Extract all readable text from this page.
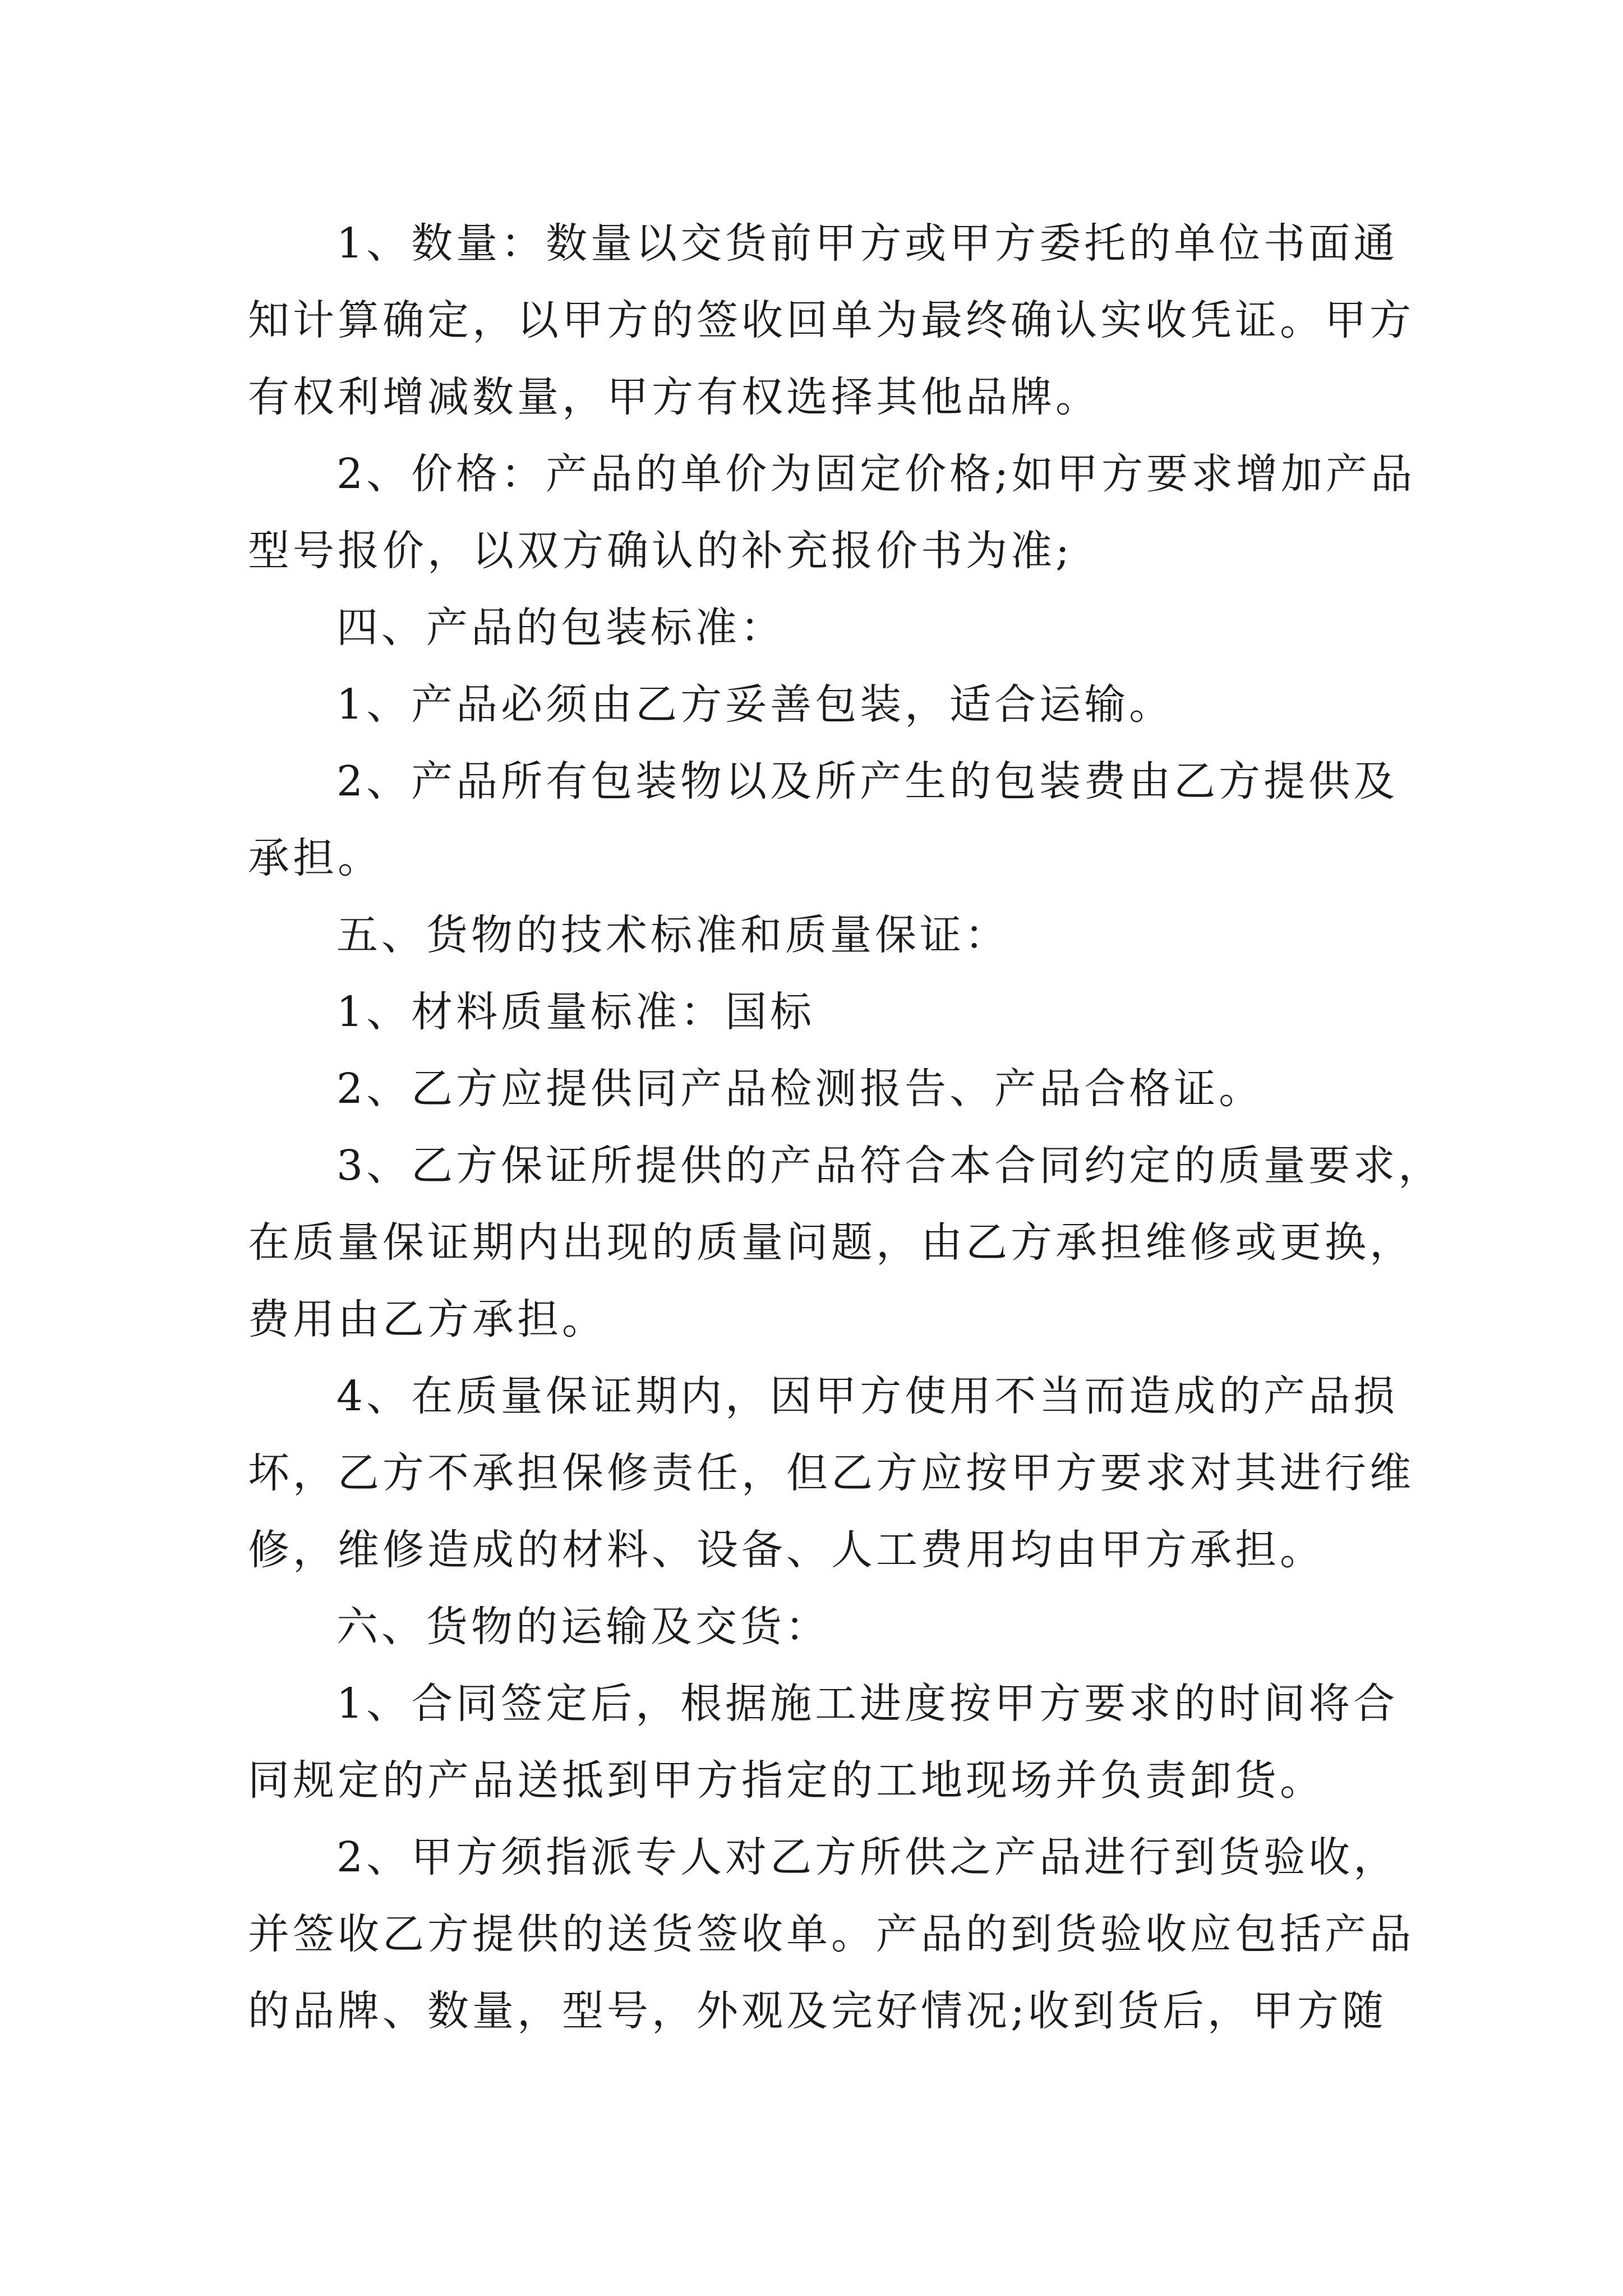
1、数量：数量以交货前甲方或甲方委托的单位书面通
知计算确定，以甲方的签收回单为最终确认实收凭证。甲方
有权利增减数量，甲方有权选择其他品牌。

2、价格：产品的单价为固定价格;如甲方要求增加产品
型号报价，以双方确认的补充报价书为准;

四、产品的包装标准：

1、产品必须由乙方妥善包装，适合运输。

2、产品所有包装物以及所产生的包装费由乙方提供及
承担。

五、货物的技术标准和质量保证：

1、材料质量标准：国标

2、乙方应提供同产品检测报告、产品合格证。

3、乙方保证所提供的产品符合本合同约定的质量要求，
在质量保证期内出现的质量问题，由乙方承担维修或更换，
费用由乙方承担。

4、在质量保证期内，因甲方使用不当而造成的产品损
坏，乙方不承担保修责任，但乙方应按甲方要求对其进行维
修，维修造成的材料、设备、人工费用均由甲方承担。

六、货物的运输及交货：

1、合同签定后，根据施工进度按甲方要求的时间将合
同规定的产品送抵到甲方指定的工地现场并负责卸货。

2、甲方须指派专人对乙方所供之产品进行到货验收，
并签收乙方提供的送货签收单。产品的到货验收应包括产品
的品牌、数量，型号，外观及完好情况;收到货后，甲方随
